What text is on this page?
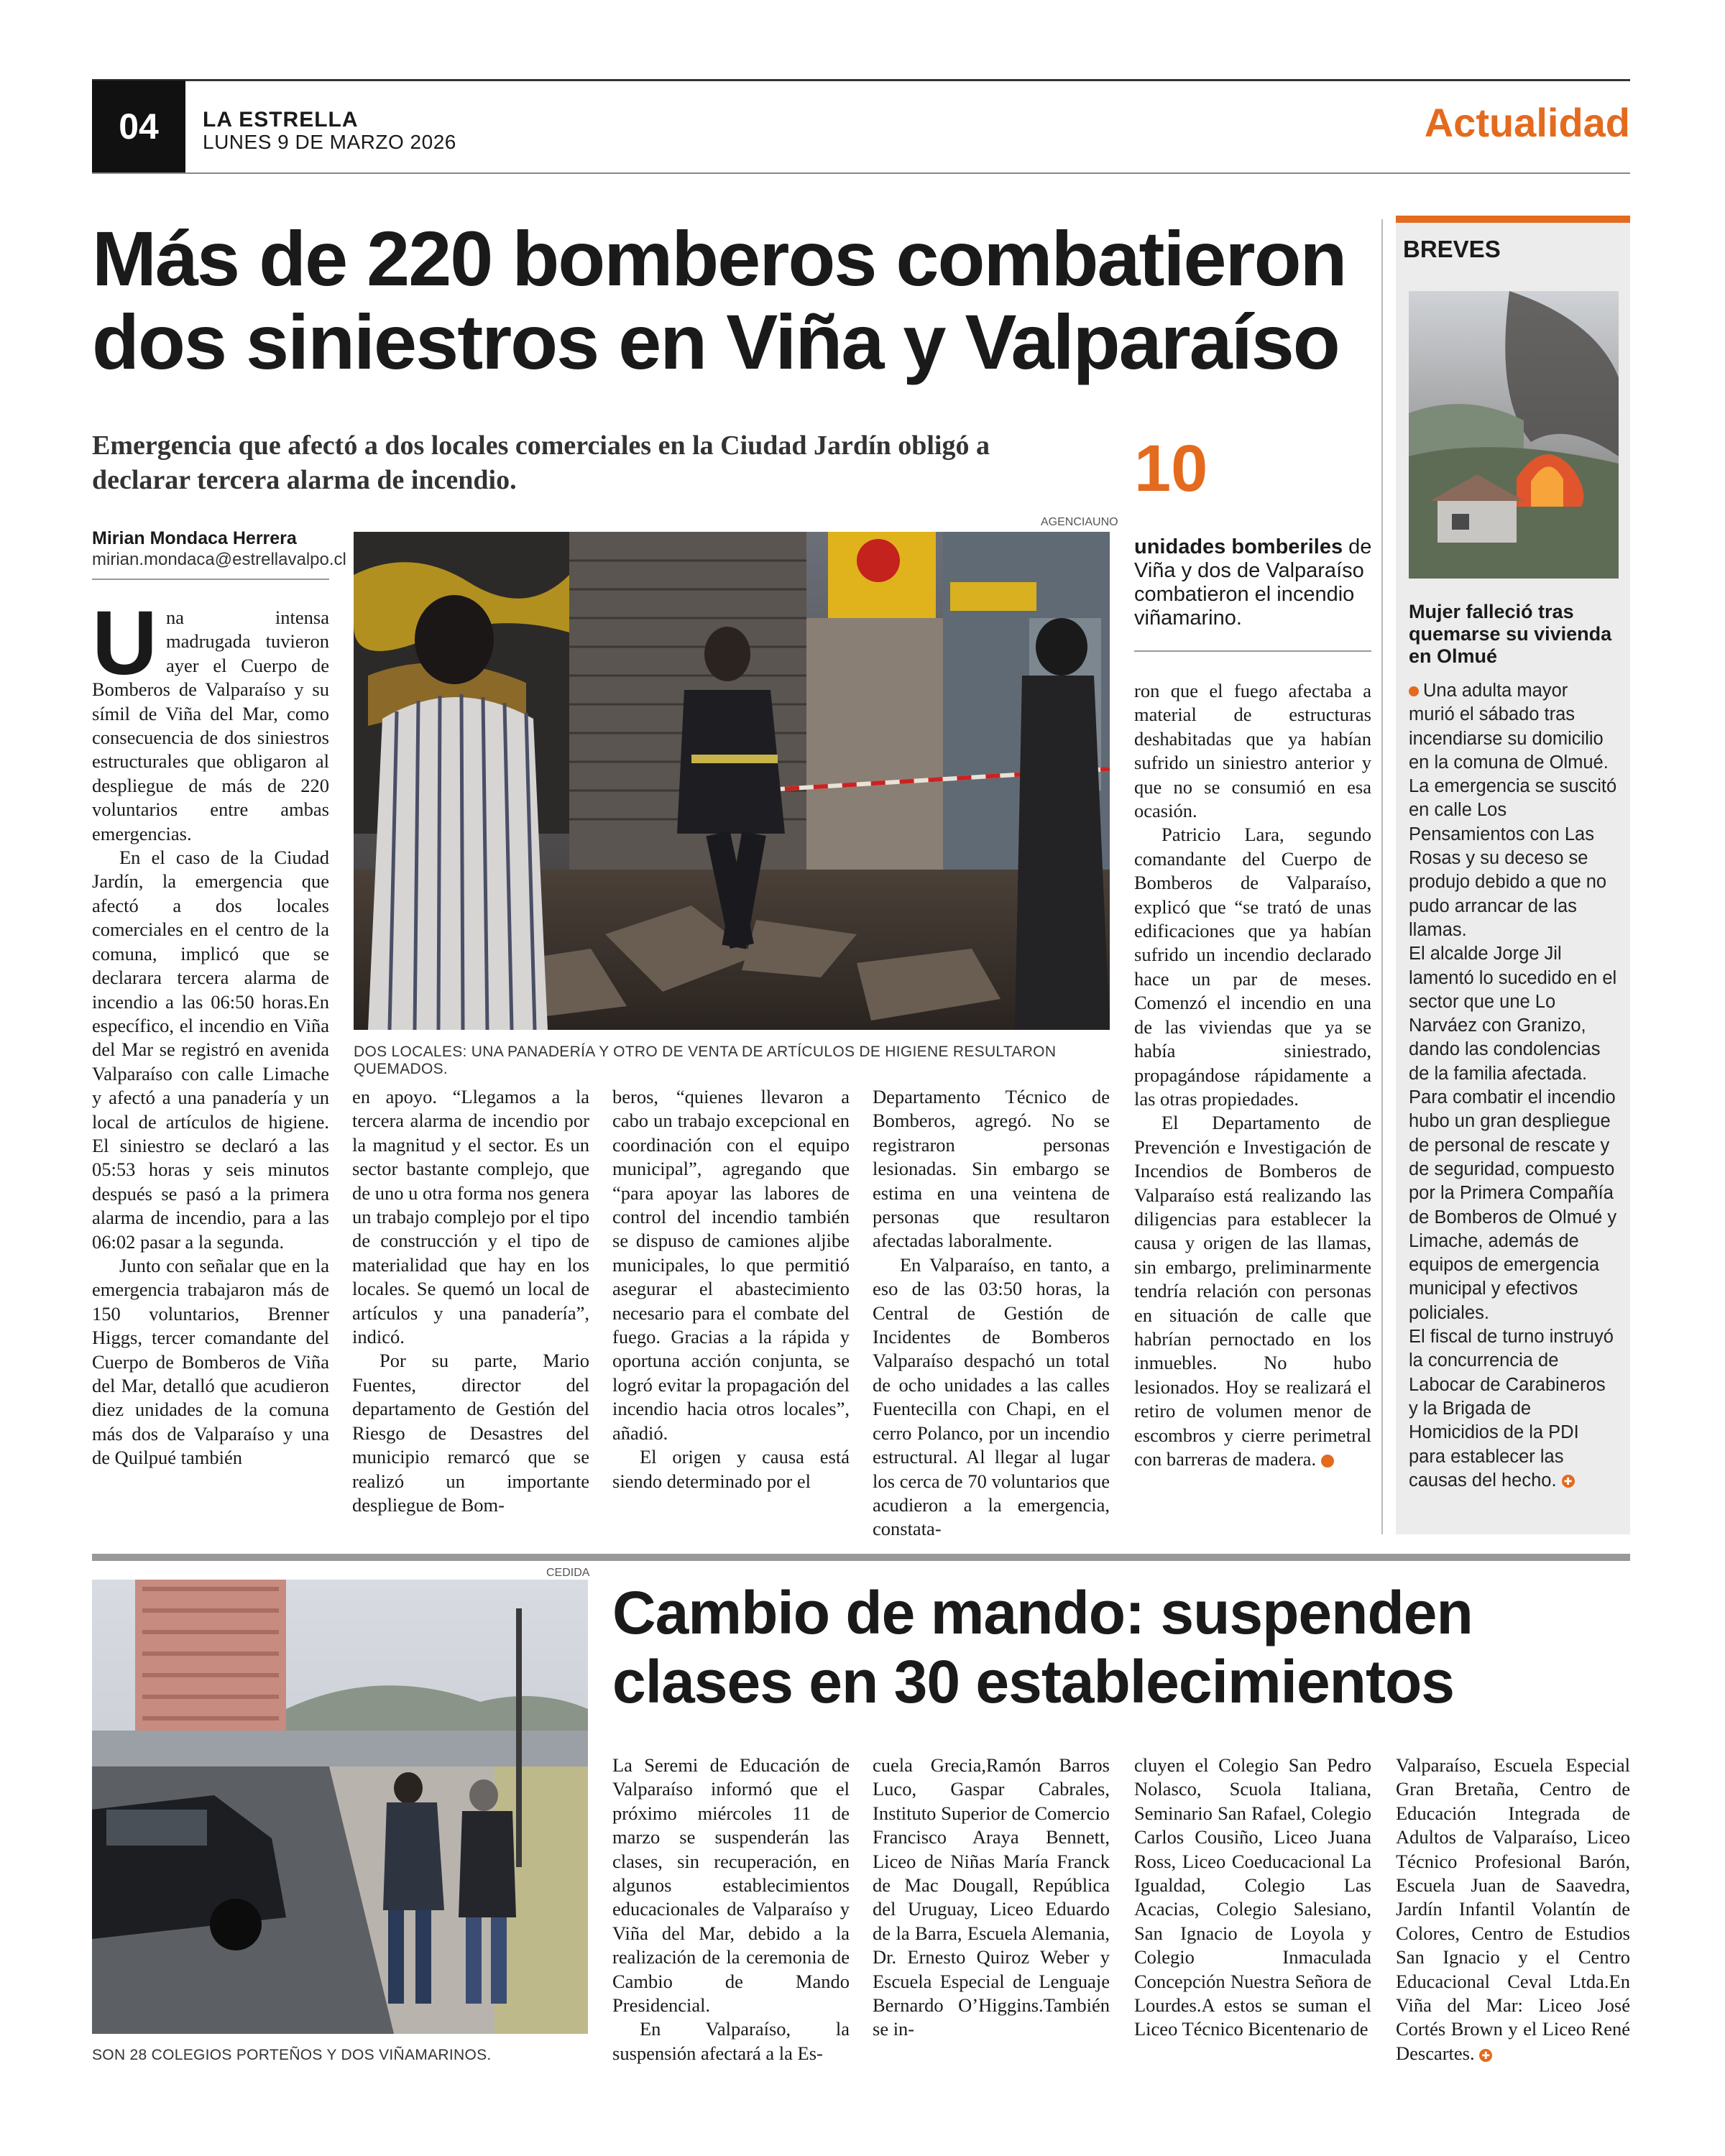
04	LA ESTRELLA
LUNES 9 DE MARZO 2026	Actualidad
Más de 220 bomberos combatieron dos siniestros en Viña y Valparaíso
Emergencia que afectó a dos locales comerciales en la Ciudad Jardín obligó a declarar tercera alarma de incendio.
Mirian Mondaca Herrera
mirian.mondaca@estrellavalpo.cl

Una intensa madrugada tuvieron ayer el Cuerpo de Bomberos de Valparaíso y su símil de Viña del Mar, como consecuencia de dos siniestros estructurales que obligaron al despliegue de más de 220 voluntarios entre ambas emergencias.

En el caso de la Ciudad Jardín, la emergencia que afectó a dos locales comerciales en el centro de la comuna, implicó que se declarara tercera alarma de incendio a las 06:50 horas.En específico, el incendio en Viña del Mar se registró en avenida Valparaíso con calle Limache y afectó a una panadería y un local de artículos de higiene. El siniestro se declaró a las 05:53 horas y seis minutos después se pasó a la primera alarma de incendio, para a las 06:02 pasar a la segunda.

Junto con señalar que en la emergencia trabajaron más de 150 voluntarios, Brenner Higgs, tercer comandante del Cuerpo de Bomberos de Viña del Mar, detalló que acudieron diez unidades de la comuna más dos de Valparaíso y una de Quilpué también

AGENCIAUNO
DOS LOCALES: UNA PANADERÍA Y OTRO DE VENTA DE ARTÍCULOS DE HIGIENE RESULTARON QUEMADOS.

en apoyo. “Llegamos a la tercera alarma de incendio por la magnitud y el sector. Es un sector bastante complejo, que de uno u otra forma nos genera un trabajo complejo por el tipo de construcción y el tipo de materialidad que hay en los locales. Se quemó un local de artículos y una panadería”, indicó.

Por su parte, Mario Fuentes, director del departamento de Gestión del Riesgo de Desastres del municipio remarcó que se realizó un importante despliegue de Bom-

beros, “quienes llevaron a cabo un trabajo excepcional en coordinación con el equipo municipal”, agregando que “para apoyar las labores de control del incendio también se dispuso de camiones aljibe municipales, lo que permitió asegurar el abastecimiento necesario para el combate del fuego. Gracias a la rápida y oportuna acción conjunta, se logró evitar la propagación del incendio hacia otros locales”, añadió.

El origen y causa está siendo determinado por el

Departamento Técnico de Bomberos, agregó. No se registraron personas lesionadas. Sin embargo se estima en una veintena de personas que resultaron afectadas laboralmente.

En Valparaíso, en tanto, a eso de las 03:50 horas, la Central de Gestión de Incidentes de Bomberos Valparaíso despachó un total de ocho unidades a las calles Fuentecilla con Chapi, en el cerro Polanco, por un incendio estructural. Al llegar al lugar los cerca de 70 voluntarios que acudieron a la emergencia, constata-

10
unidades bomberiles de Viña y dos de Valparaíso combatieron el incendio viñamarino.

ron que el fuego afectaba a material de estructuras deshabitadas que ya habían sufrido un siniestro anterior y que no se consumió en esa ocasión.

Patricio Lara, segundo comandante del Cuerpo de Bomberos de Valparaíso, explicó que “se trató de unas edificaciones que ya habían sufrido un incendio declarado hace un par de meses. Comenzó el incendio en una de las viviendas que ya se había siniestrado, propagándose rápidamente a las otras propiedades.

El Departamento de Prevención e Investigación de Incendios de Bomberos de Valparaíso está realizando las diligencias para establecer la causa y origen de las llamas, sin embargo, preliminarmente tendría relación con personas en situación de calle que habrían pernoctado en los inmuebles. No hubo lesionados. Hoy se realizará el retiro de volumen menor de escombros y cierre perimetral con barreras de madera.	✚

BREVES
Mujer falleció tras quemarse su vivienda en Olmué
Una adulta mayor murió el sábado tras incendiarse su domicilio en la comuna de Olmué. La emergencia se suscitó en calle Los Pensamientos con Las Rosas y su deceso se produjo debido a que no pudo arrancar de las llamas.
El alcalde Jorge Jil lamentó lo sucedido en el sector que une Lo Narváez con Granizo, dando las condolencias de la familia afectada.
Para combatir el incendio hubo un gran despliegue de personal de rescate y de seguridad, compuesto por la Primera Compañía de Bomberos de Olmué y Limache, además de equipos de emergencia municipal y efectivos policiales.
El fiscal de turno instruyó la concurrencia de Labocar de Carabineros y la Brigada de Homicidios de la PDI para establecer las causas del hecho. ✚
CEDIDA
SON 28 COLEGIOS PORTEÑOS Y DOS VIÑAMARINOS.
Cambio de mando: suspenden clases en 30 establecimientos

La Seremi de Educación de Valparaíso informó que el próximo miércoles 11 de marzo se suspenderán las clases, sin recuperación, en algunos establecimientos educacionales de Valparaíso y Viña del Mar, debido a la realización de la ceremonia de Cambio de Mando Presidencial.

En Valparaíso, la suspensión afectará a la Es-

cuela Grecia,Ramón Barros Luco, Gaspar Cabrales, Instituto Superior de Comercio Francisco Araya Bennett, Liceo de Niñas María Franck de Mac Dougall, República del Uruguay, Liceo Eduardo de la Barra, Escuela Alemania, Dr. Ernesto Quiroz Weber y Escuela Especial de Lenguaje Bernardo O’Higgins.También se in-

cluyen el Colegio San Pedro Nolasco, Scuola Italiana, Seminario San Rafael, Colegio Carlos Cousiño, Liceo Juana Ross, Liceo Coeducacional La Igualdad, Colegio Las Acacias, Colegio Salesiano, San Ignacio de Loyola y Colegio Inmaculada Concepción Nuestra Señora de Lourdes.A estos se suman el Liceo Técnico Bicentenario de

Valparaíso, Escuela Especial Gran Bretaña, Centro de Educación Integrada de Adultos de Valparaíso, Liceo Técnico Profesional Barón, Escuela Juan de Saavedra, Jardín Infantil Volantín de Colores, Centro de Estudios San Ignacio y el Centro Educacional Ceval Ltda.En Viña del Mar: Liceo José Cortés Brown y el Liceo René Descartes. ✚
